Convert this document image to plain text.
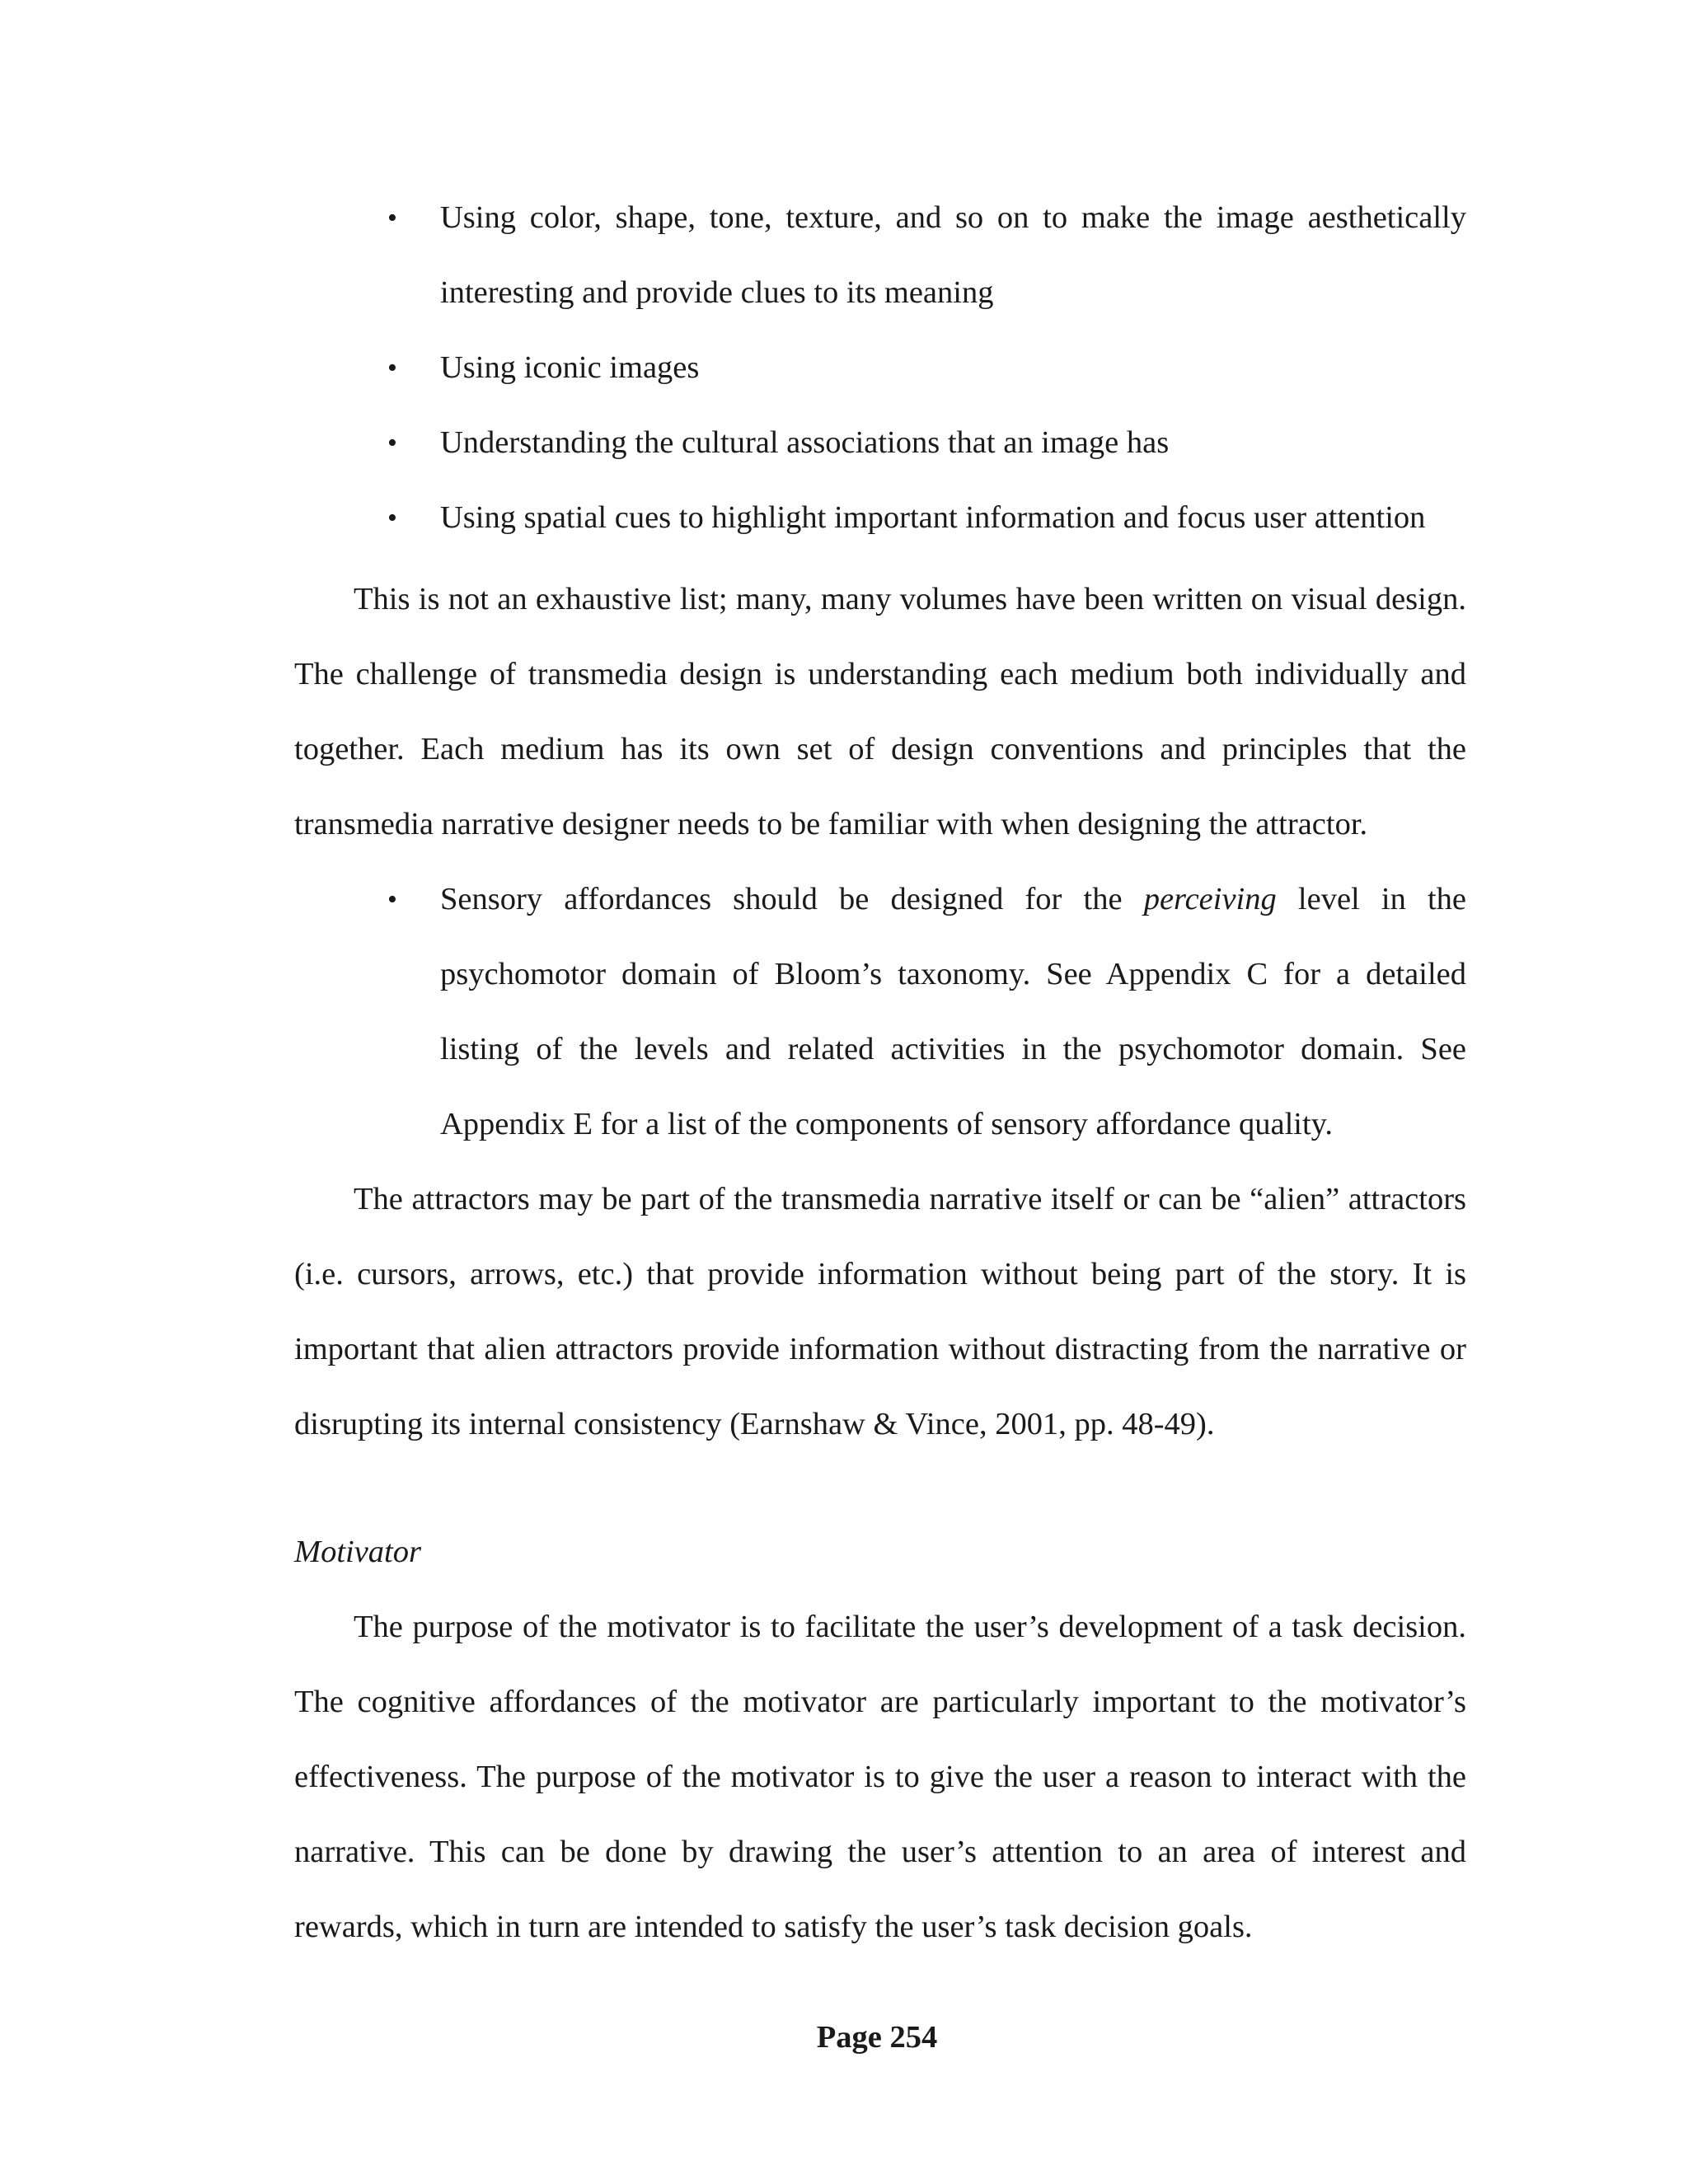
• Using color, shape, tone, texture, and so on to make the image aesthetically interesting and provide clues to its meaning
• Using iconic images
• Understanding the cultural associations that an image has
• Using spatial cues to highlight important information and focus user attention

This is not an exhaustive list; many, many volumes have been written on visual design. The challenge of transmedia design is understanding each medium both individually and together. Each medium has its own set of design conventions and principles that the transmedia narrative designer needs to be familiar with when designing the attractor.

• Sensory affordances should be designed for the perceiving level in the psychomotor domain of Bloom’s taxonomy. See Appendix C for a detailed listing of the levels and related activities in the psychomotor domain. See Appendix E for a list of the components of sensory affordance quality.

The attractors may be part of the transmedia narrative itself or can be “alien” attractors (i.e. cursors, arrows, etc.) that provide information without being part of the story. It is important that alien attractors provide information without distracting from the narrative or disrupting its internal consistency (Earnshaw & Vince, 2001, pp. 48-49).

Motivator

The purpose of the motivator is to facilitate the user’s development of a task decision. The cognitive affordances of the motivator are particularly important to the motivator’s effectiveness. The purpose of the motivator is to give the user a reason to interact with the narrative. This can be done by drawing the user’s attention to an area of interest and rewards, which in turn are intended to satisfy the user’s task decision goals.

Page 254
